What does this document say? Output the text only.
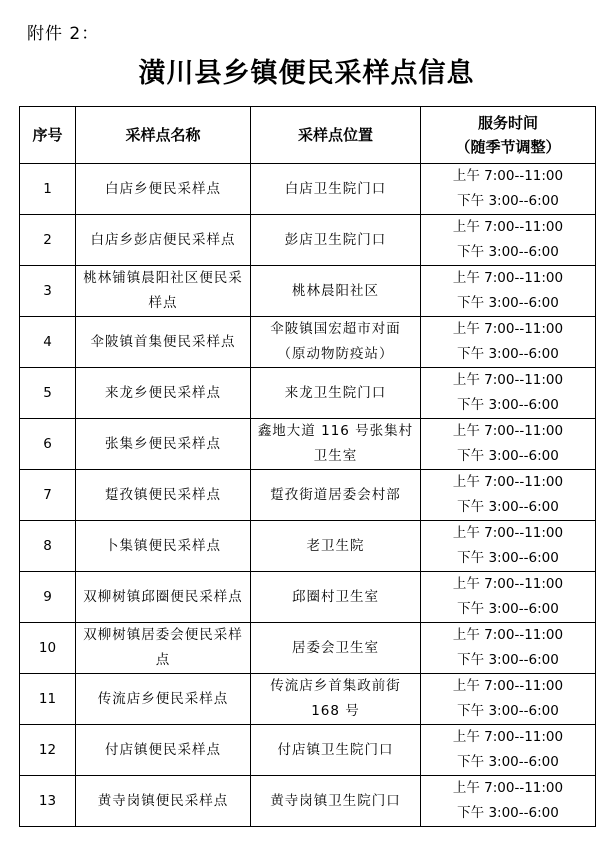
附件 2：
潢川县乡镇便民采样点信息
序号	采样点名称	采样点位置	服务时间
（随季节调整）

1	白店乡便民采样点	白店卫生院门口	上午 7:00--11:00
下午 3:00--6:00

2	白店乡彭店便民采样点	彭店卫生院门口	上午 7:00--11:00
下午 3:00--6:00

3	桃林铺镇晨阳社区便民采样点	桃林晨阳社区	上午 7:00--11:00
下午 3:00--6:00

4	伞陂镇首集便民采样点	伞陂镇国宏超市对面（原动物防疫站）	上午 7:00--11:00
下午 3:00--6:00

5	来龙乡便民采样点	来龙卫生院门口	上午 7:00--11:00
下午 3:00--6:00

6	张集乡便民采样点	鑫地大道 116 号张集村卫生室	上午 7:00--11:00
下午 3:00--6:00

7	踅孜镇便民采样点	踅孜街道居委会村部	上午 7:00--11:00
下午 3:00--6:00

8	卜集镇便民采样点	老卫生院	上午 7:00--11:00
下午 3:00--6:00

9	双柳树镇邱圈便民采样点	邱圈村卫生室	上午 7:00--11:00
下午 3:00--6:00

10	双柳树镇居委会便民采样点	居委会卫生室	上午 7:00--11:00
下午 3:00--6:00

11	传流店乡便民采样点	传流店乡首集政前街 168 号	上午 7:00--11:00
下午 3:00--6:00

12	付店镇便民采样点	付店镇卫生院门口	上午 7:00--11:00
下午 3:00--6:00

13	黄寺岗镇便民采样点	黄寺岗镇卫生院门口	上午 7:00--11:00
下午 3:00--6:00
